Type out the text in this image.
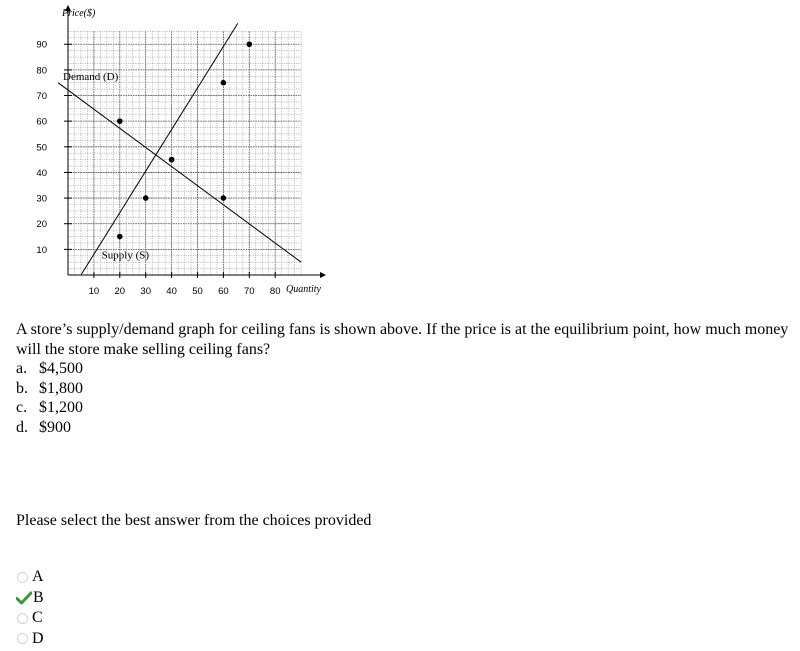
10 20 30 40 50 60 70 80
10
20
30
40
50
60
70
80
90
Demand (D)
Supply (S)
Price($)
Quantity

A store’s supply/demand graph for ceiling fans is shown above. If the price is at the equilibrium point, how much money will the store make selling ceiling fans?

a. $4,500
b. $1,800
c. $1,200
d. $900
Please select the best answer from the choices provided
A
B
C
D
